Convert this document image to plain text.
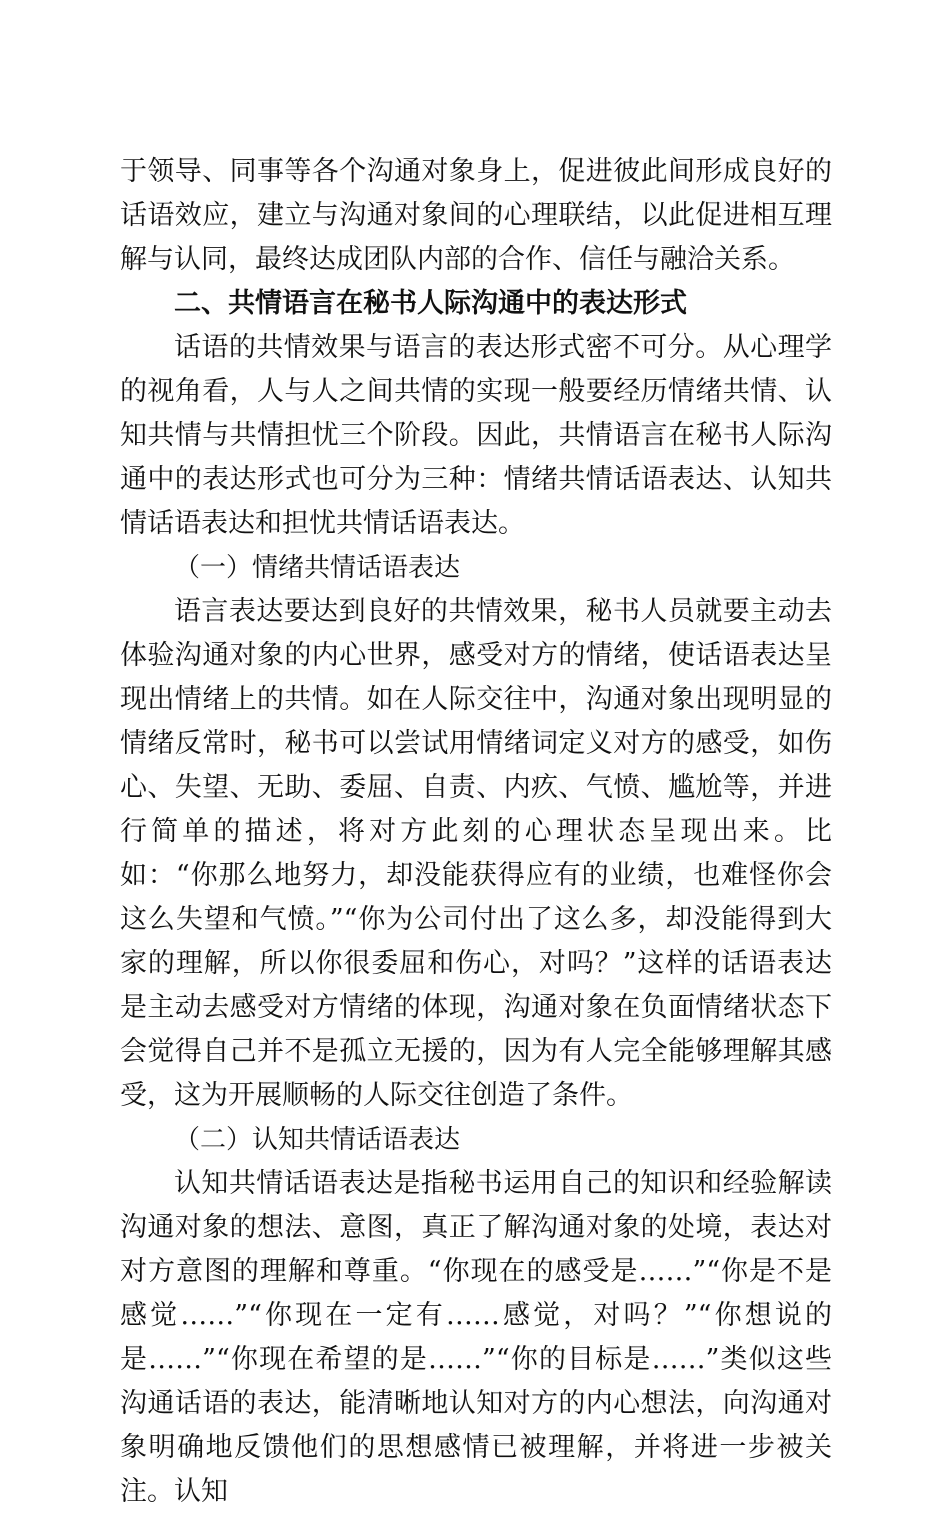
于领导、同事等各个沟通对象身上，促进彼此间形成良好的话语效应，建立与沟通对象间的心理联结，以此促进相互理解与认同，最终达成团队内部的合作、信任与融洽关系。

二、共情语言在秘书人际沟通中的表达形式

话语的共情效果与语言的表达形式密不可分。从心理学的视角看，人与人之间共情的实现一般要经历情绪共情、认知共情与共情担忧三个阶段。因此，共情语言在秘书人际沟通中的表达形式也可分为三种：情绪共情话语表达、认知共情话语表达和担忧共情话语表达。

（一）情绪共情话语表达

语言表达要达到良好的共情效果，秘书人员就要主动去体验沟通对象的内心世界，感受对方的情绪，使话语表达呈现出情绪上的共情。如在人际交往中，沟通对象出现明显的情绪反常时，秘书可以尝试用情绪词定义对方的感受，如伤心、失望、无助、委屈、自责、内疚、气愤、尴尬等，并进行简单的描述，将对方此刻的心理状态呈现出来。比如：“你那么地努力，却没能获得应有的业绩，也难怪你会这么失望和气愤。”“你为公司付出了这么多，却没能得到大家的理解，所以你很委屈和伤心，对吗？”这样的话语表达是主动去感受对方情绪的体现，沟通对象在负面情绪状态下会觉得自己并不是孤立无援的，因为有人完全能够理解其感受，这为开展顺畅的人际交往创造了条件。

（二）认知共情话语表达

认知共情话语表达是指秘书运用自己的知识和经验解读沟通对象的想法、意图，真正了解沟通对象的处境，表达对对方意图的理解和尊重。“你现在的感受是……”“你是不是感觉……”“你现在一定有……感觉，对吗？”“你想说的是……”“你现在希望的是……”“你的目标是……”类似这些沟通话语的表达，能清晰地认知对方的内心想法，向沟通对象明确地反馈他们的思想感情已被理解，并将进一步被关注。认知
